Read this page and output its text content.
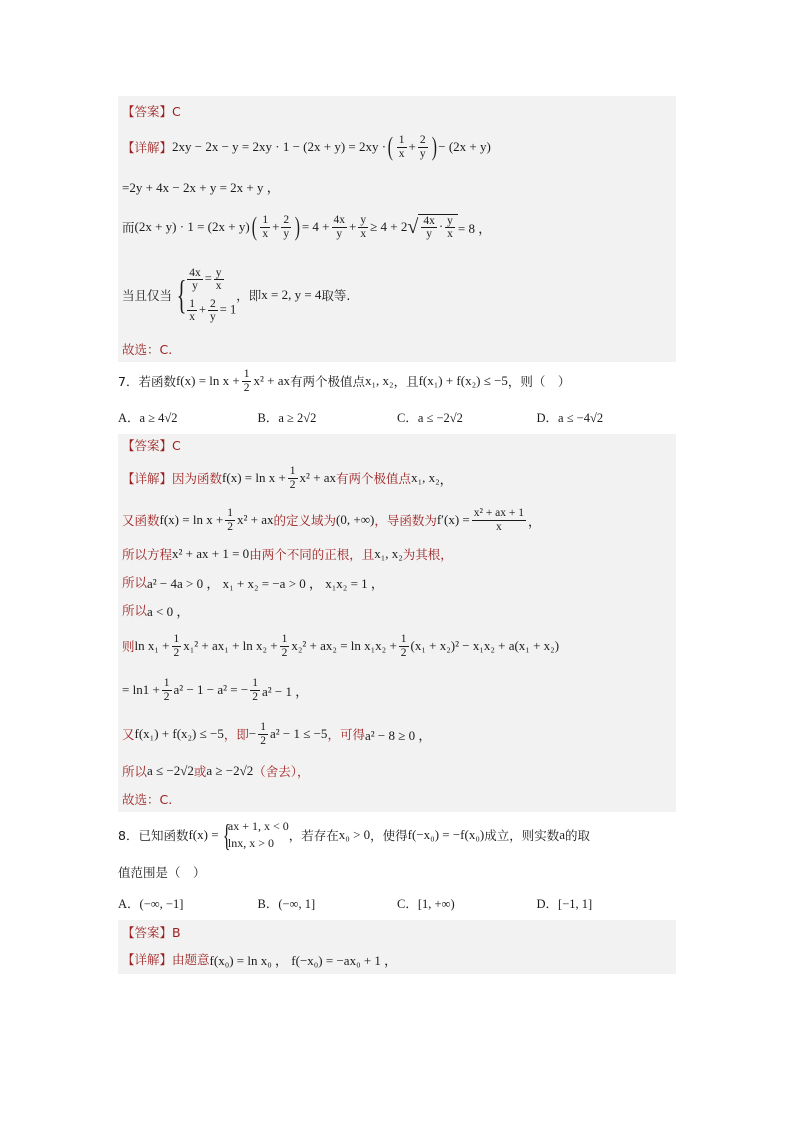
【答案】 C
【详解】 2xy − 2x − y = 2xy · 1 − (2x + y) = 2xy · ( $\frac{1}{x} + \frac{2}{y}$ ) − (2x + y)
=2y + 4x − 2x + y = 2x + y ，
而 (2x + y) · 1 = (2x + y) ( $\frac{1}{x} + \frac{2}{y}$ ) = $4 + \frac{4x}{y} + \frac{y}{x} \ge 4 + 2$ √ $\frac{4x}{y} \cdot \frac{y}{x} = 8$ ，
当且仅当 { $\frac{4x}{y} = \frac{y}{x}$
$\frac{1}{x} + \frac{2}{y} = 1$
，即 x = 2, y = 4 取等.
故选：C.
7．若函数 $f(x) = \ln x + \frac{1}{2} x^2$ + ax 有两个极值点 x₁, x₂ ，且 f(x₁) + f(x₂) ≤ −5 ，则（　）
A．a ≥ 4√2	B．a ≥ 2√2	C．a ≤ −2√2	D．a ≤ −4√2
【答案】 C
【详解】 因为函数 $f(x) = \ln x + \frac{1}{2} x^2$ + ax 有两个极值点 x₁, x₂ ，
又函数 $f(x) = \ln x + \frac{1}{2} x^2$ + ax 的定义域为 (0, +∞) ，导函数为 $f'(x) = \frac{\text{x² + ax + 1}}{x}$ ，
所以方程 x² + ax + 1 = 0 由两个不同的正根，且 x₁, x₂ 为其根，
所以 a² − 4a > 0 ， x₁ + x₂ = −a > 0 ， x₁x₂ = 1 ，
所以 a < 0 ，
则 $\ln x_1 + \frac{1}{2} x_1^2 + ax_1 + \ln x_2 + \frac{1}{2} x_2^2 + ax_2 = \ln x_1x_2 + \frac{1}{2} (x_1 + x_2)^2 - x_1x_2 + a(x_1 + x_2)$
= $\ln 1 + \frac{1}{2} a^2 - 1 - a^2$ = − $\frac{1}{2} a^2 - 1$ ，
又 f(x₁) + f(x₂) ≤ −5 ，即 − $\frac{1}{2} a^2 - 1 \le -5$ ，可得 a² − 8 ≥ 0 ，
所以 a ≤ −2√2 或 a ≥ −2√2 （舍去），
故选：C.
8．已知函数 f(x) = {
ax + 1, x < 0
lnx, x > 0	，若存在 x₀ > 0 ，使得 f(−x₀) = −f(x₀) 成立，则实数 a 的取
值范围是（　）
A．(−∞, −1]	B．(−∞, 1]	C．[1, +∞)	D．[−1, 1]
【答案】 B
【详解】 由题意 f(x₀) = ln x₀ ，
f(−x₀) = −ax₀ + 1 ，
